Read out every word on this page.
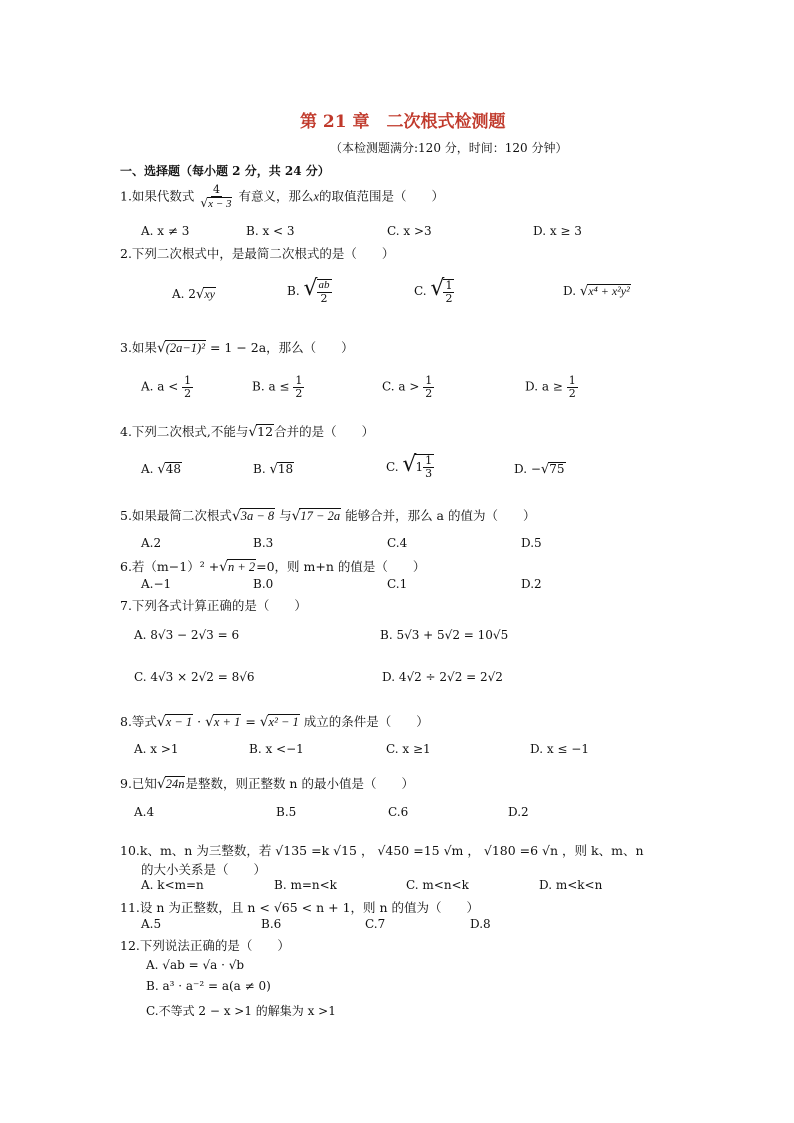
第 21 章　二次根式检测题
（本检测题满分:120 分，时间：120 分钟）
一、选择题（每小题 2 分，共 24 分）
1.如果代数式 $\frac{4}{√x - 3}$ 有意义，那么x的取值范围是（　　）
A. x ≠ 3	B. x < 3	C. x >3	D. x ≥ 3
2.下列二次根式中，是最简二次根式的是（　　）
A. 2√xy	B. √ $\frac{ab}{2}$	C. √ $\frac{1}{2}$	D. √x⁴ + x²y²
3.如果√(2a−1)² = 1 − 2a，那么（　　）
A. $a < \frac{1}{2}$	B. $a \le \frac{1}{2}$	C. $a > \frac{1}{2}$	D. $a \ge \frac{1}{2}$
4.下列二次根式,不能与√12合并的是（　　）
A. √48	B. √18	C. √ $1 \frac{1}{3}$	D. −√75
5.如果最简二次根式√3a − 8 与√17 − 2a 能够合并，那么 a 的值为（　　）
A.2	B.3	C.4	D.5
6.若（m−1）² +√n + 2=0，则 m+n 的值是（　　）
A.−1	B.0	C.1	D.2
7.下列各式计算正确的是（　　）
A. 8√3 − 2√3 = 6	B. 5√3 + 5√2 = 10√5
C. 4√3 × 2√2 = 8√6	D. 4√2 ÷ 2√2 = 2√2
8.等式√x − 1 · √x + 1 = √x² − 1 成立的条件是（　　）
A. x >1	B. x <−1	C. x ≥1	D. x ≤ −1
9.已知√24n是整数，则正整数 n 的最小值是（　　）
A.4	B.5	C.6	D.2
10.k、m、n 为三整数，若 √135 =k √15 ， √450 =15 √m ， √180 =6 √n ，则 k、m、n
的大小关系是（　　）
A. k<m=n	B. m=n<k	C. m<n<k	D. m<k<n
11.设 n 为正整数，且 n < √65 < n + 1，则 n 的值为（　　）
A.5	B.6	C.7	D.8
12.下列说法正确的是（　　）
A. √ab = √a · √b
B. a³ · a⁻² = a(a ≠ 0)
C.不等式 2 − x >1 的解集为 x >1
